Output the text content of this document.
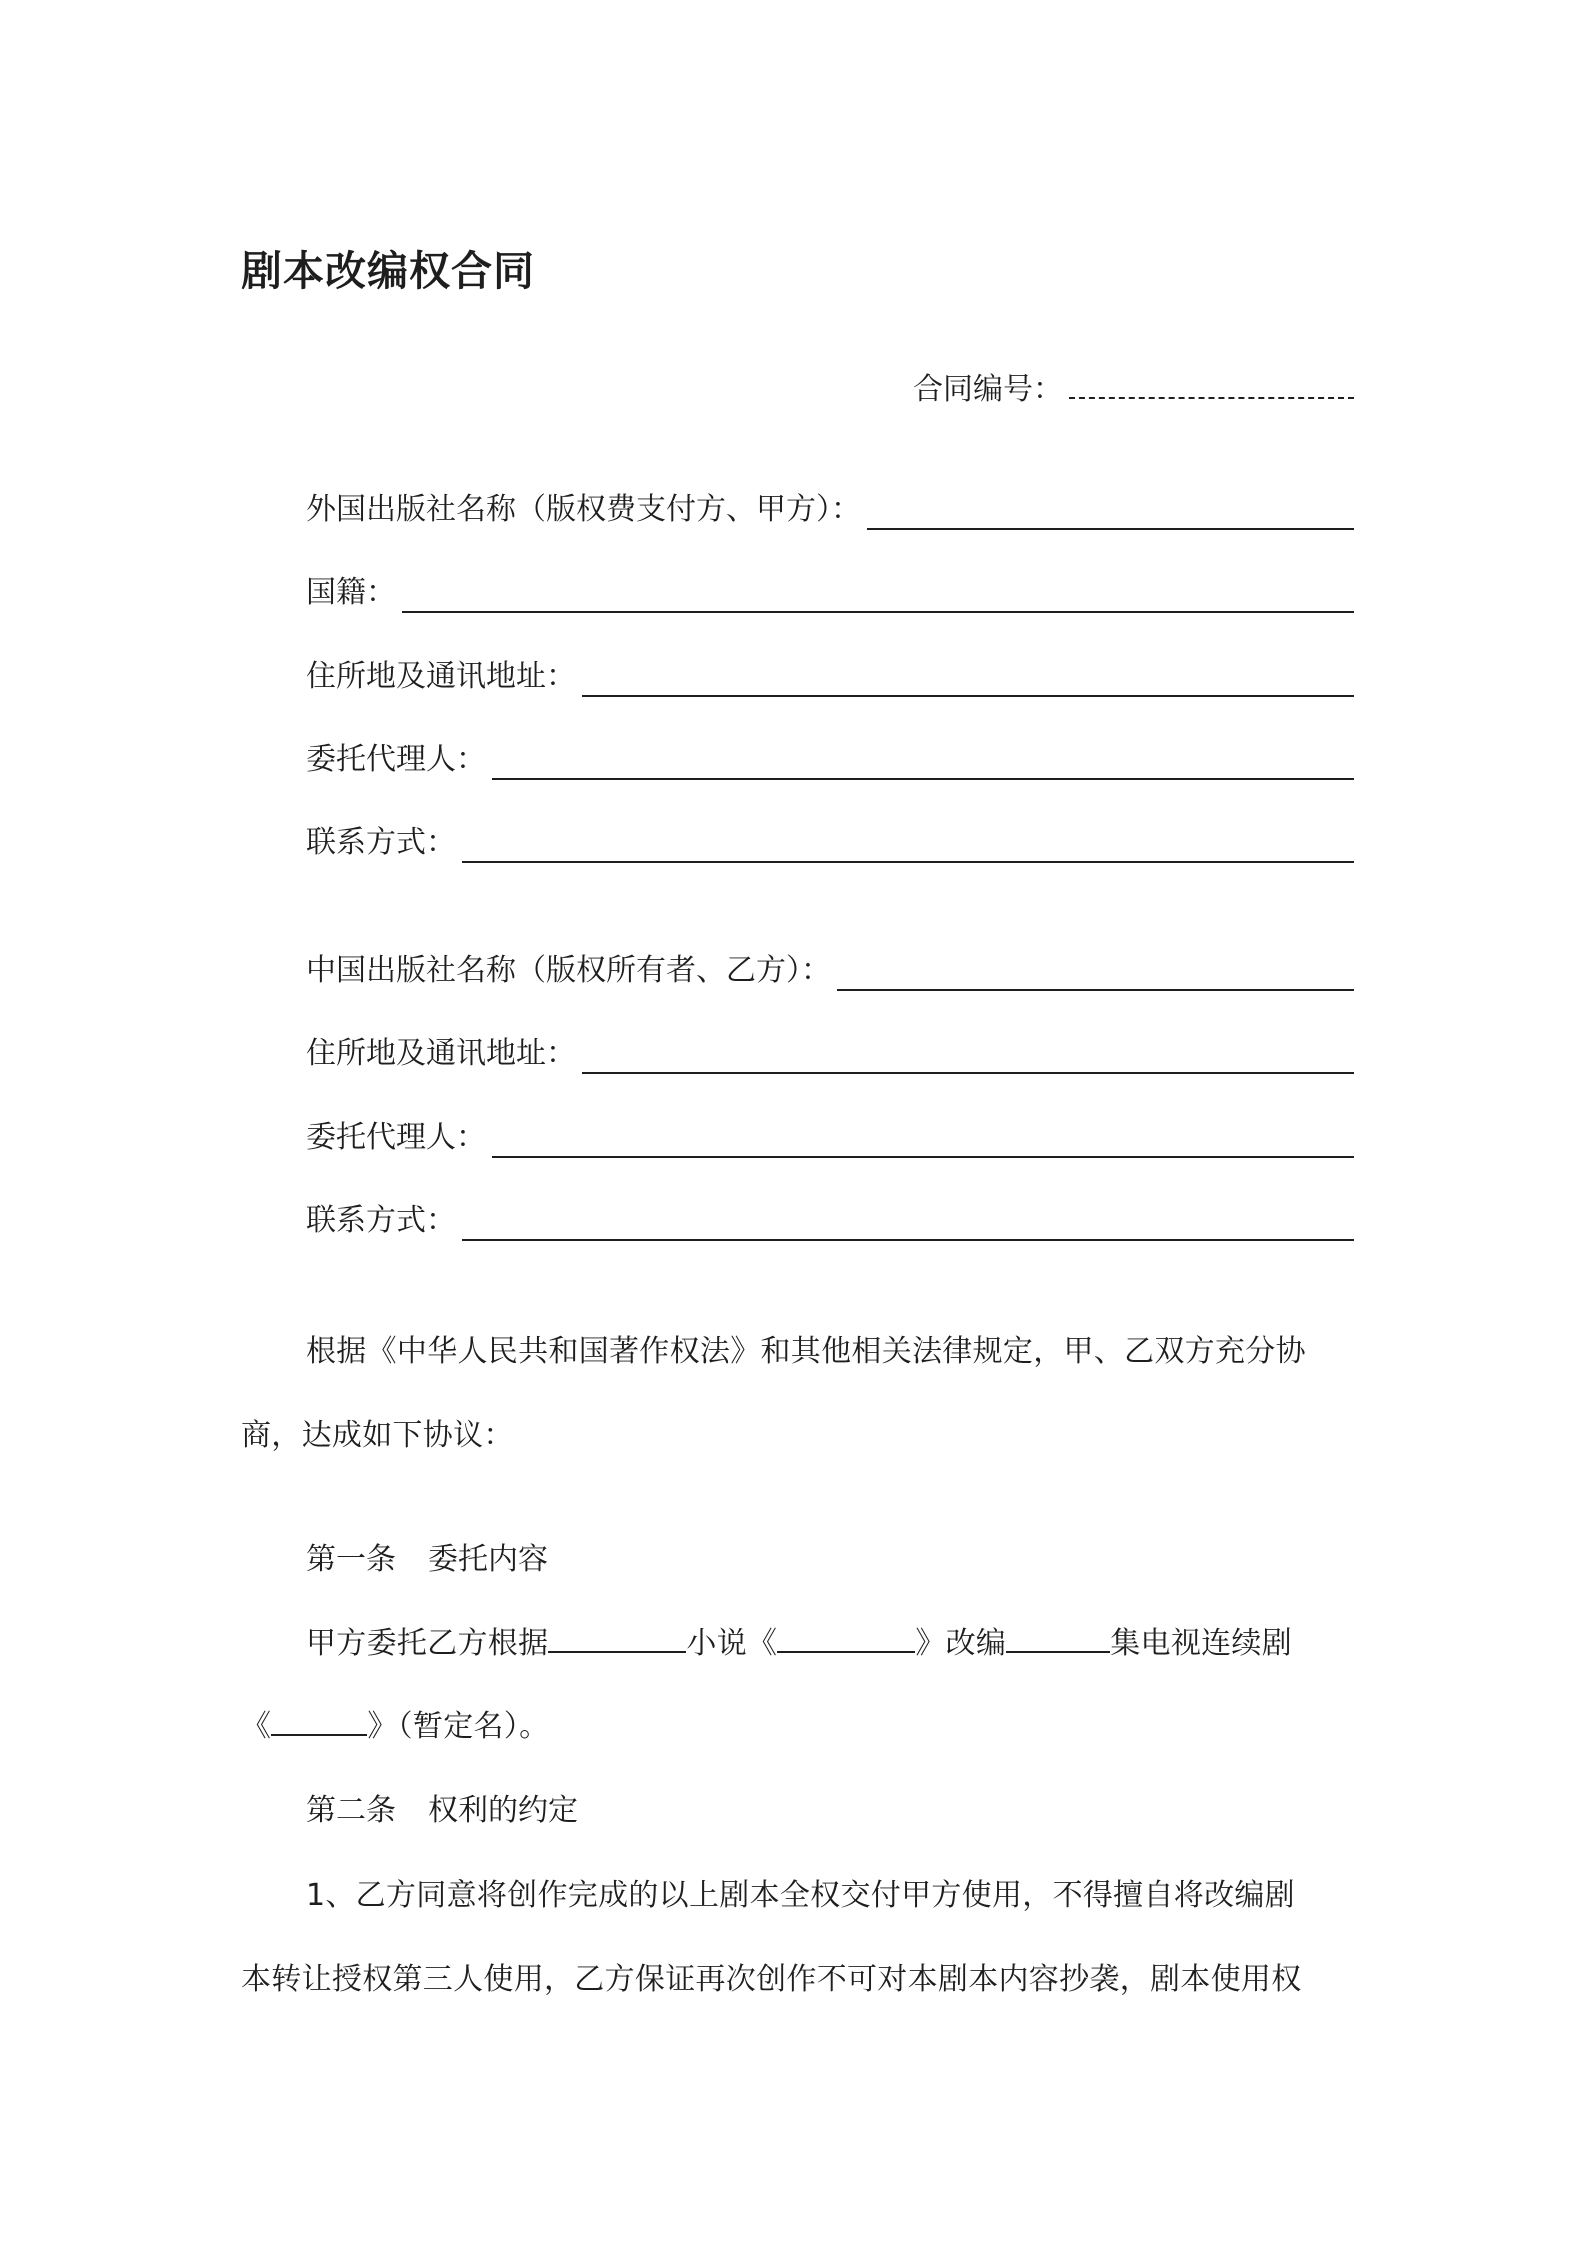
剧本改编权合同
合同编号：
外国出版社名称（版权费支付方、甲方）：
国籍：
住所地及通讯地址：
委托代理人：
联系方式：
中国出版社名称（版权所有者、乙方）：
住所地及通讯地址：
委托代理人：
联系方式：
根据《中华人民共和国著作权法》和其他相关法律规定，甲、乙双方充分协
商，达成如下协议：
第一条 委托内容
甲方委托乙方根据	小说《	》改编	集电视连续剧
《	》（暂定名）。
第二条 权利的约定
1、乙方同意将创作完成的以上剧本全权交付甲方使用，不得擅自将改编剧
本转让授权第三人使用，乙方保证再次创作不可对本剧本内容抄袭，剧本使用权
